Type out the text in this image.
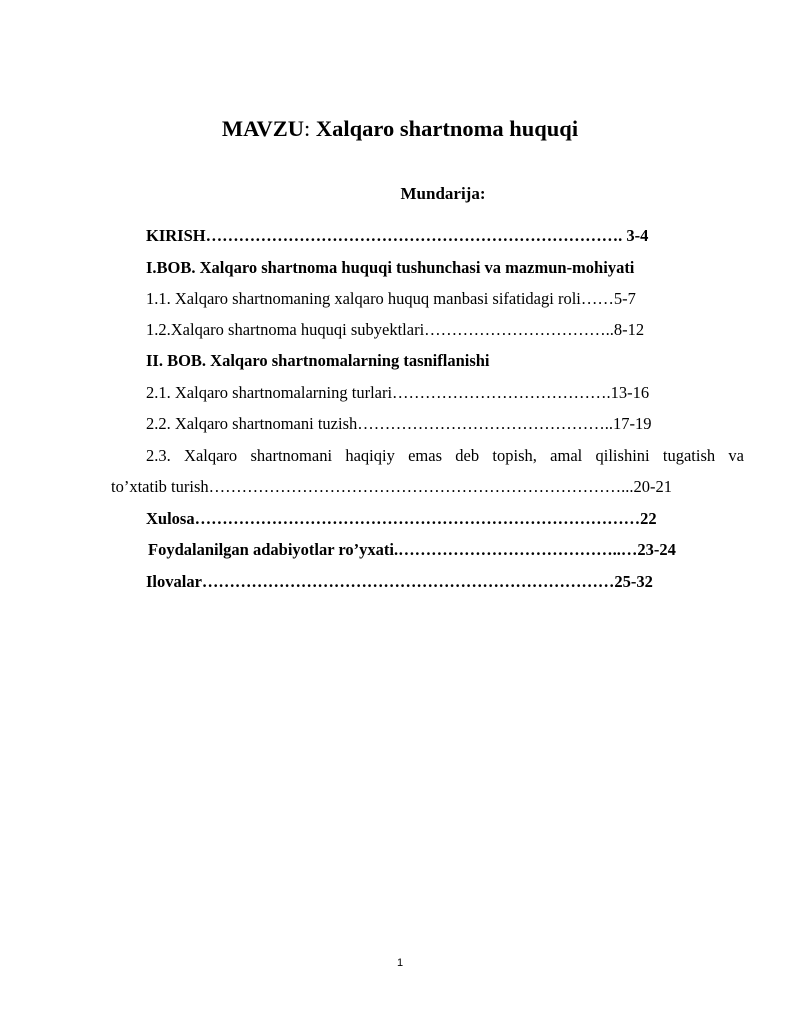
MAVZU: Xalqaro shartnoma huquqi
Mundarija:
KIRISH…………………………………………………………………. 3-4
I.BOB. Xalqaro shartnoma huquqi tushunchasi va mazmun-mohiyati
1.1. Xalqaro shartnomaning xalqaro huquq manbasi sifatidagi roli……5-7
1.2.Xalqaro shartnoma huquqi subyektlari……………………………..8-12
II. BOB. Xalqaro shartnomalarning tasniflanishi
2.1. Xalqaro shartnomalarning turlari………………………………….13-16
2.2. Xalqaro shartnomani tuzish………………………………………..17-19
2.3. Xalqaro shartnomani haqiqiy emas deb topish, amal qilishini tugatish va
to’xtatib turish…………………………………………………………………...20-21
Xulosa………………………………………………………………………22
Foydalanilgan adabiyotlar ro’yxati.…………………………………..…23-24
Ilovalar…………………………………………………………………25-32
1
